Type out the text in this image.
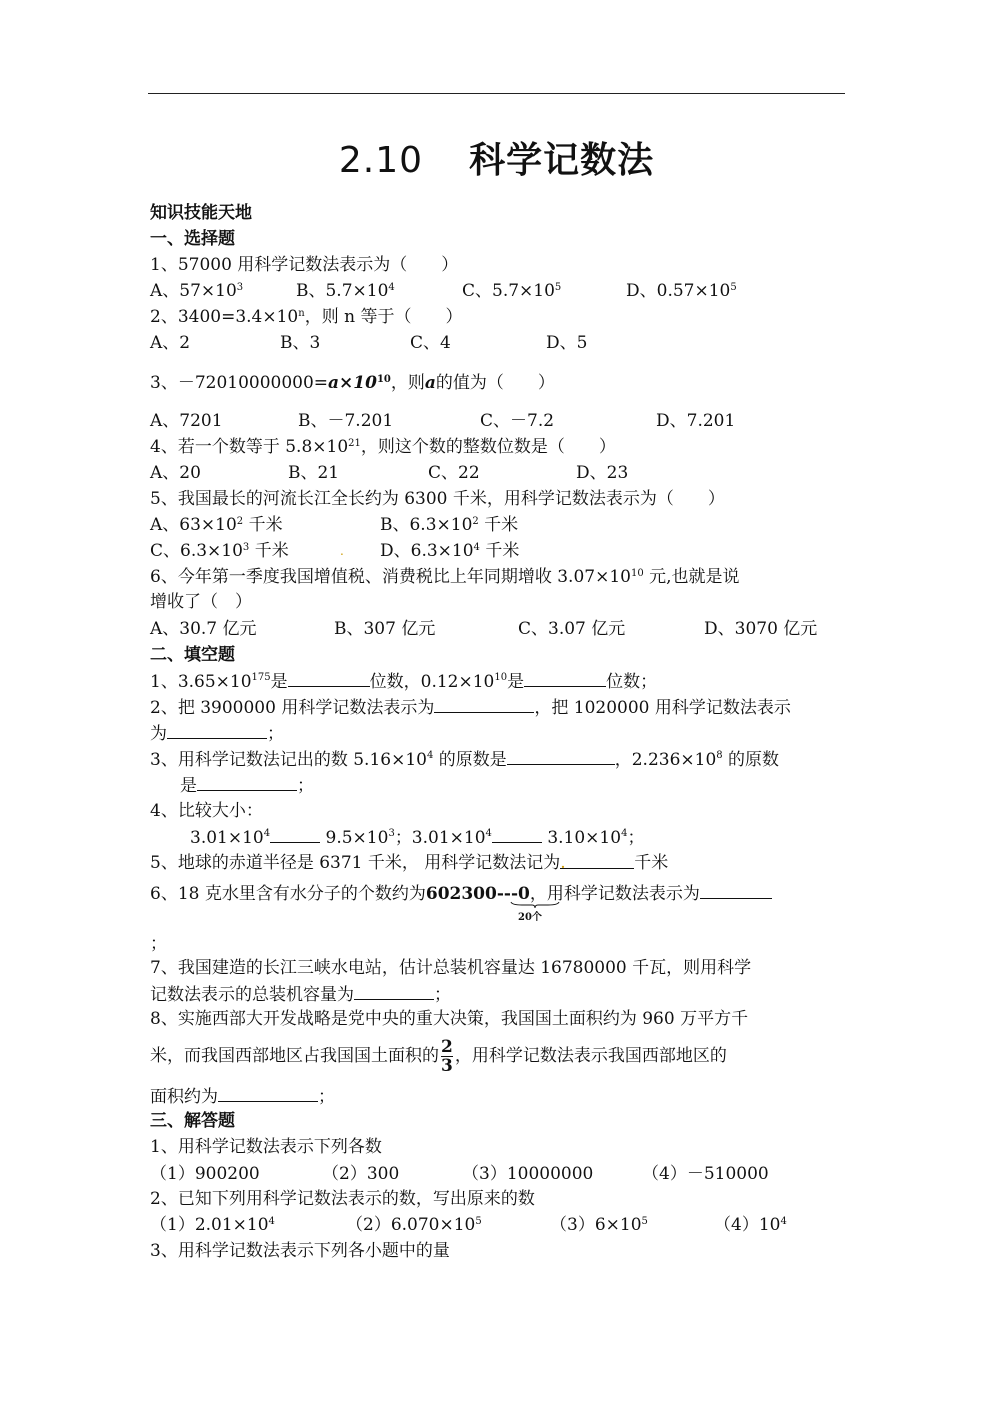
2.10 科学记数法
知识技能天地
一、选择题
1、57000 用科学记数法表示为（　　）
A、$57\times 10^3$	B、$5.7\times 10^4$	C、$5.7\times 10^5$	D、$0.57\times 10^5$
2、$3400=3.4\times 10^n$，则 n 等于（　　）
A、2	B、3	C、4	D、5
3、$-72010000000=a\times 10^{10}$，则a的值为（　　）
A、7201	B、－7.201	C、－7.2	D、7.201
4、若一个数等于 $5.8\times 10^{21}$，则这个数的整数位数是（　　）
A、20	B、21	C、22	D、23
5、我国最长的河流长江全长约为 6300 千米，用科学记数法表示为（　　）
A、$63\times 10^2$ 千米	B、$6.3\times 10^2$ 千米
C、$6.3\times 10^3$ 千米	. D、$6.3\times 10^4$ 千米
6、今年第一季度我国增值税、消费税比上年同期增收 $3.07\times 10^{10}$ 元,也就是说
增收了（　）
A、30.7 亿元	B、307 亿元	C、3.07 亿元	D、3070 亿元
二、填空题
1、$3.65\times 10^{175}$是	位数，$0.12\times 10^{10}$是	位数；
2、把 3900000 用科学记数法表示为	，把 1020000 用科学记数法表示
为	；
3、用科学记数法记出的数 $5.16\times 10^4$ 的原数是	，$2.236\times 10^8$ 的原数
是	；
4、比较大小：
$3.01\times 10^4$	$9.5\times 10^3$；$3.01\times 10^4$	$3.10\times 10^4$；
5、地球的赤道半径是 6371 千米， 用科学记数法记为.	千米
6、18 克水里含有水分子的个数约为602300---0，用科学记数法表示为
20个
；
7、我国建造的长江三峡水电站，估计总装机容量达 16780000 千瓦，则用科学
记数法表示的总装机容量为	；
8、实施西部大开发战略是党中央的重大决策，我国国土面积约为 960 万平方千
米，而我国西部地区占我国国土面积的 $\frac{2}{3}$ ，用科学记数法表示我国西部地区的
面积约为	；
三、解答题
1、用科学记数法表示下列各数
（1）900200	（2）300	（3）10000000	（4）－510000
2、已知下列用科学记数法表示的数，写出原来的数
$(1)2.01\times 10^4$	$(2)6.070\times 10^5$	$(3)6\times 10^5$	$(4)10^4$
3、用科学记数法表示下列各小题中的量
